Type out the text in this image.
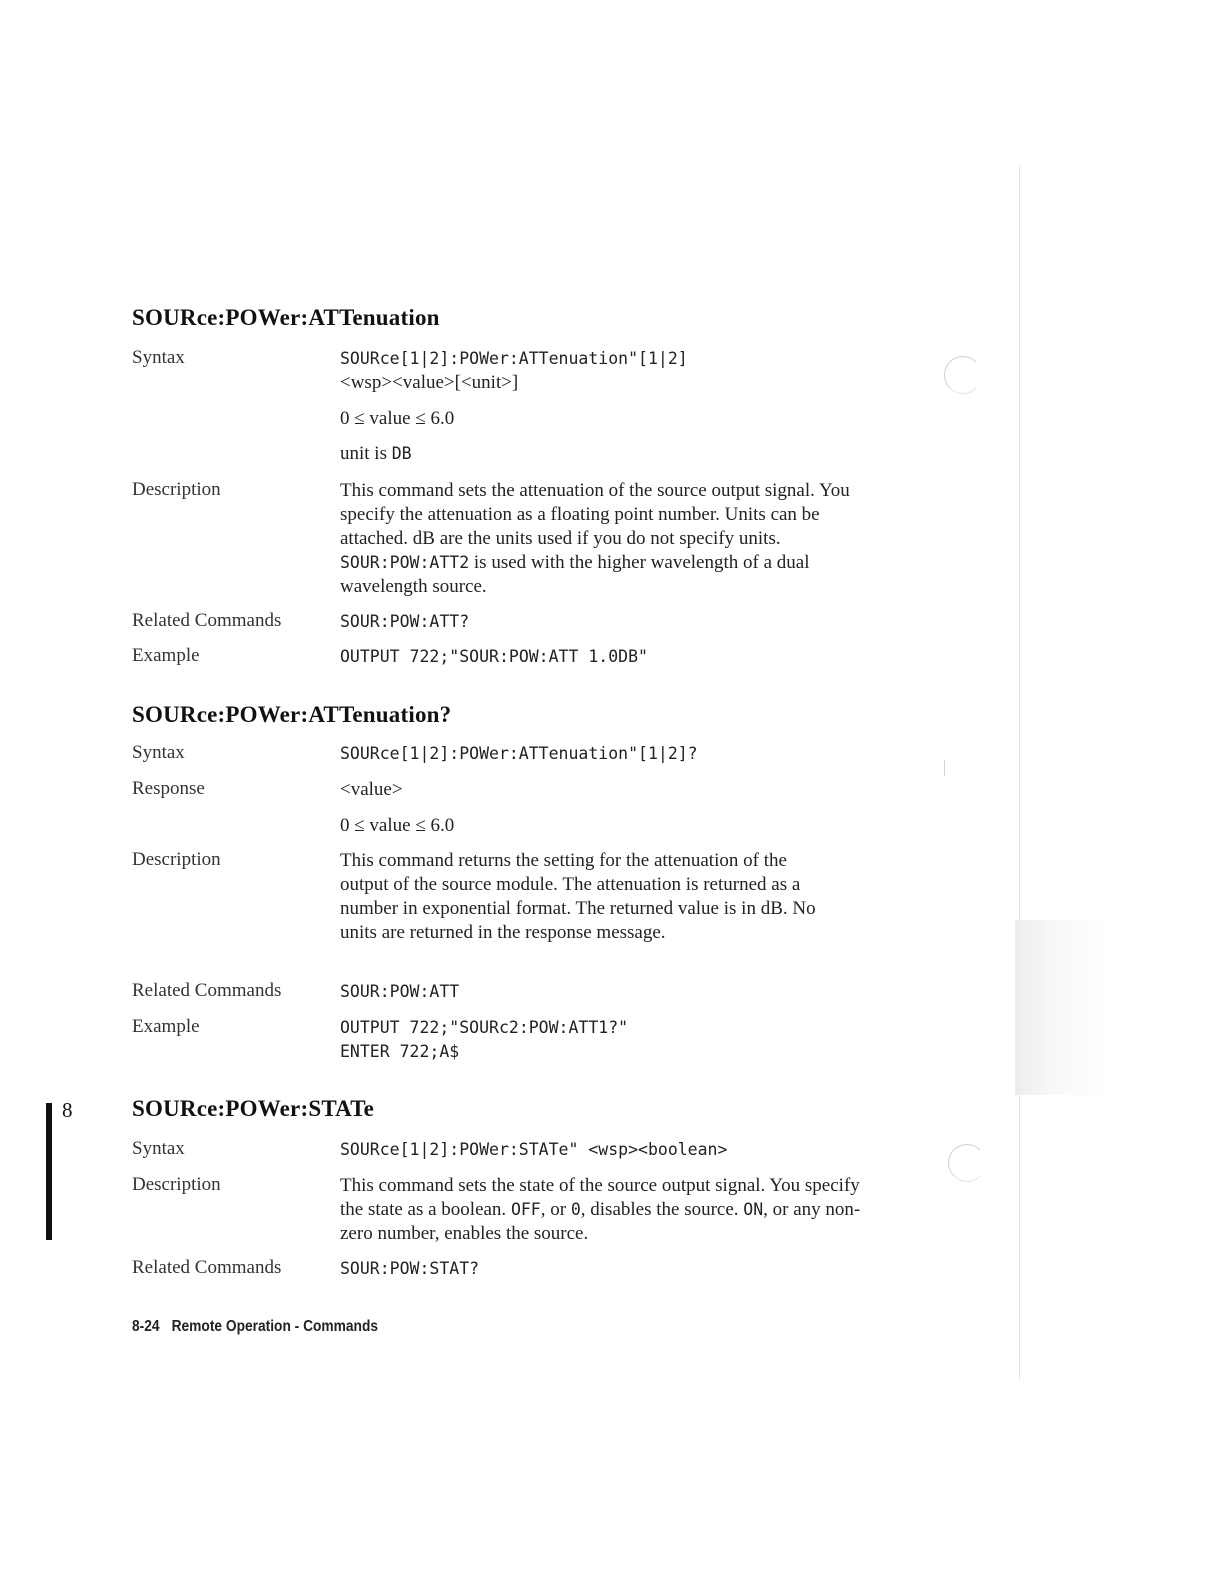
SOURce:POWer:ATTenuation
Syntax	SOURce[1|2]:POWer:ATTenuation"[1|2]
<wsp><value>[<unit>]
0 ≤ value ≤ 6.0
unit is DB
Description	This command sets the attenuation of the source output signal. You specify the attenuation as a floating point number. Units can be attached. dB are the units used if you do not specify units. SOUR:POW:ATT2 is used with the higher wavelength of a dual wavelength source.
Related Commands	SOUR:POW:ATT?
Example	OUTPUT 722;"SOUR:POW:ATT 1.0DB"
SOURce:POWer:ATTenuation?
Syntax	SOURce[1|2]:POWer:ATTenuation"[1|2]?
Response	<value>
0 ≤ value ≤ 6.0
Description	This command returns the setting for the attenuation of the output of the source module. The attenuation is returned as a number in exponential format. The returned value is in dB. No units are returned in the response message.
Related Commands	SOUR:POW:ATT
Example	OUTPUT 722;"SOURc2:POW:ATT1?"
ENTER 722;A$
8	SOURce:POWer:STATe
Syntax	SOURce[1|2]:POWer:STATe" <wsp><boolean>
Description	This command sets the state of the source output signal. You specify the state as a boolean. OFF, or 0, disables the source. ON, or any non-zero number, enables the source.
Related Commands	SOUR:POW:STAT?
8-24 Remote Operation - Commands
